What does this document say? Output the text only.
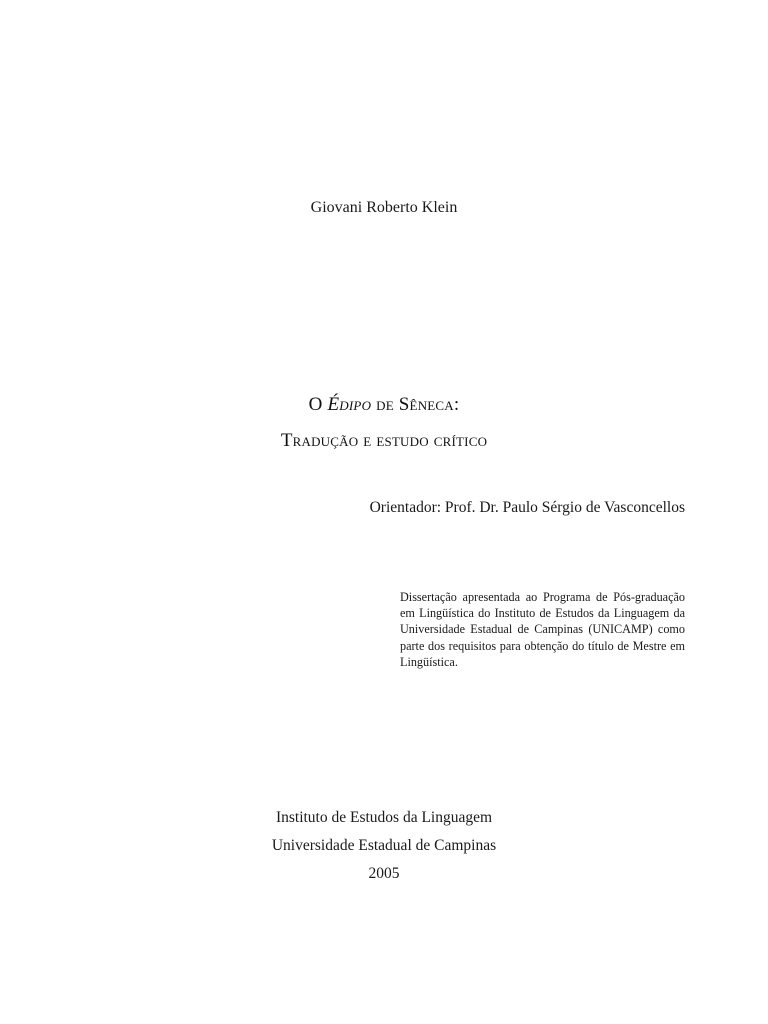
Giovani Roberto Klein
O Édipo de Sêneca:
Tradução e estudo crítico
Orientador: Prof. Dr. Paulo Sérgio de Vasconcellos
Dissertação apresentada ao Programa de Pós-graduação em Lingüística do Instituto de Estudos da Linguagem da Universidade Estadual de Campinas (UNICAMP) como parte dos requisitos para obtenção do título de Mestre em Lingüística.
Instituto de Estudos da Linguagem
Universidade Estadual de Campinas
2005
